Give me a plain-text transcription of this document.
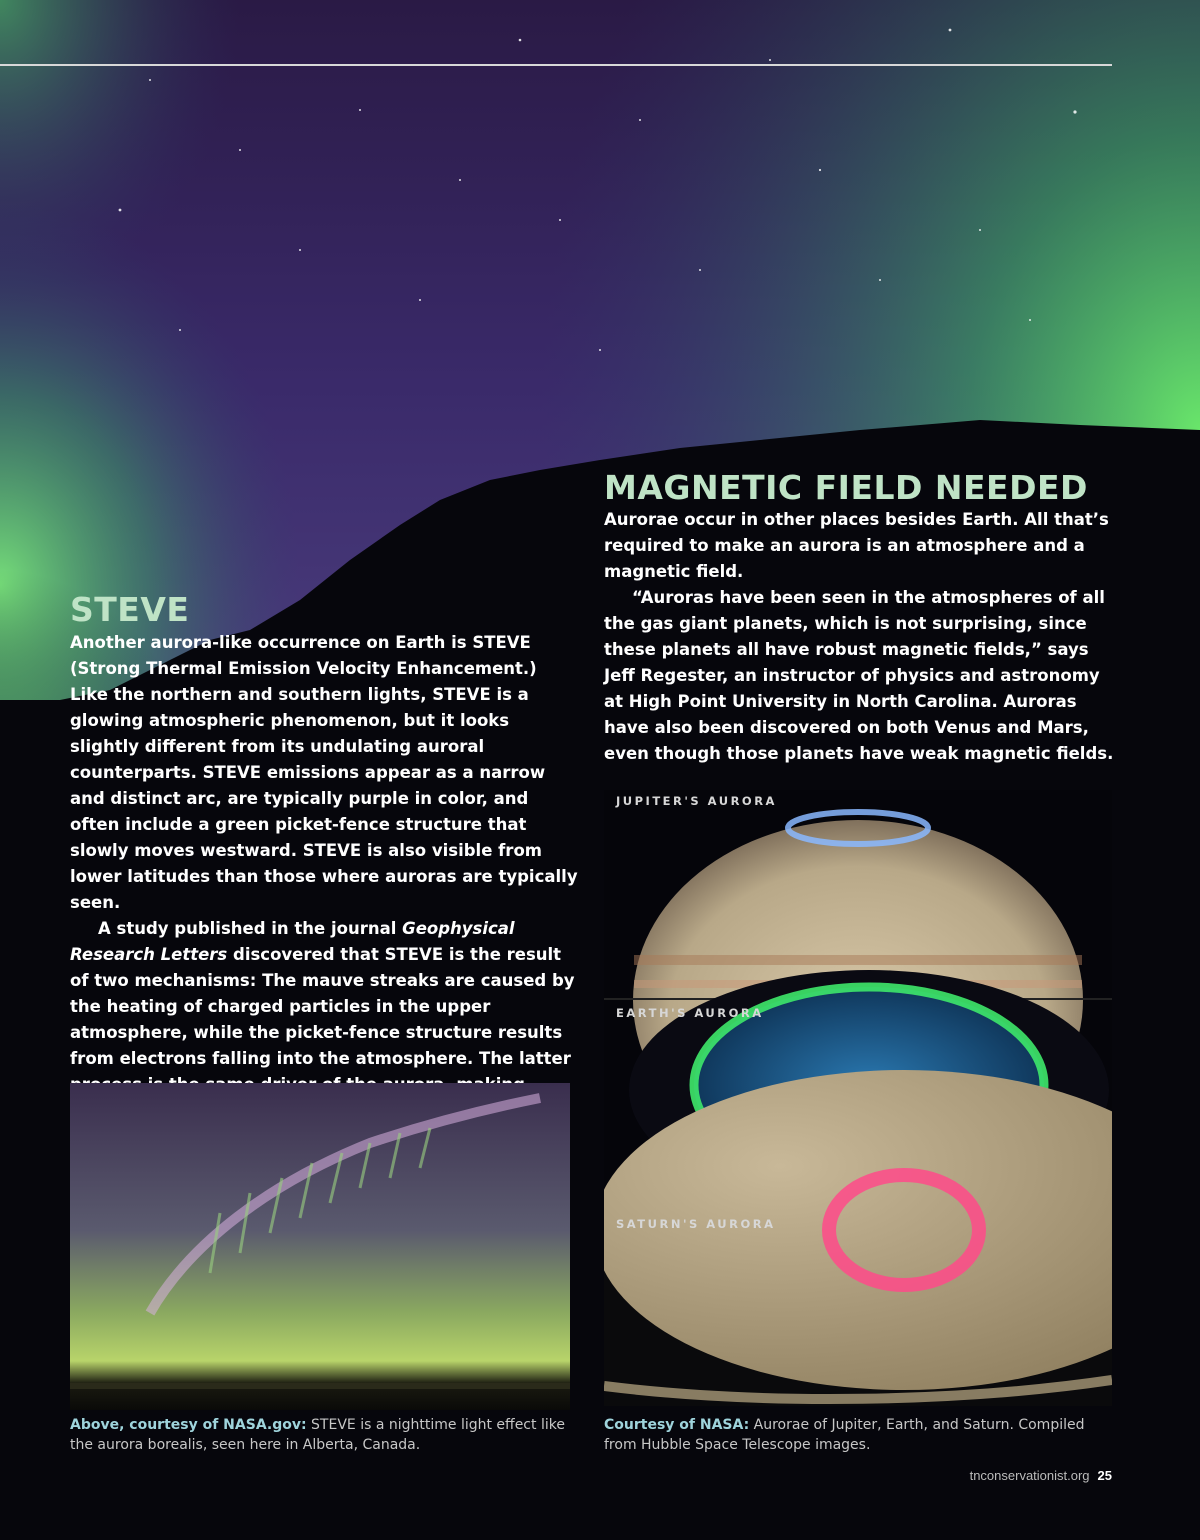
STEVE

Another aurora-like occurrence on Earth is STEVE (Strong Thermal Emission Velocity Enhancement.) Like the northern and southern lights, STEVE is a glowing atmospheric phenomenon, but it looks slightly different from its undulating auroral counterparts. STEVE emissions appear as a narrow and distinct arc, are typically purple in color, and often include a green picket-fence structure that slowly moves westward. STEVE is also visible from lower latitudes than those where auroras are typically seen.

A study published in the journal Geophysical Research Letters discovered that STEVE is the result of two mechanisms: The mauve streaks are caused by the heating of charged particles in the upper atmosphere, while the picket-fence structure results from electrons falling into the atmosphere. The latter

Above, courtesy of NASA.gov: STEVE is a nighttime light effect like the aurora borealis, seen here in Alberta, Canada.
MAGNETIC FIELD NEEDED

Aurorae occur in other places besides Earth. All that’s required to make an aurora is an atmosphere and a magnetic field.

“Auroras have been seen in the atmospheres of all the gas giant planets, which is not surprising, since these planets all have robust magnetic fields,” says Jeff Regester, an instructor of physics and astronomy at High Point University in North Carolina. Auroras have also been discovered on both Venus and Mars, even though those planets have weak magnetic fields.

JUPITER'S AURORA
EARTH'S AURORA
SATURN'S AURORA
Courtesy of NASA: Aurorae of Jupiter, Earth, and Saturn. Compiled from Hubble Space Telescope images.
tnconservationist.org 25
